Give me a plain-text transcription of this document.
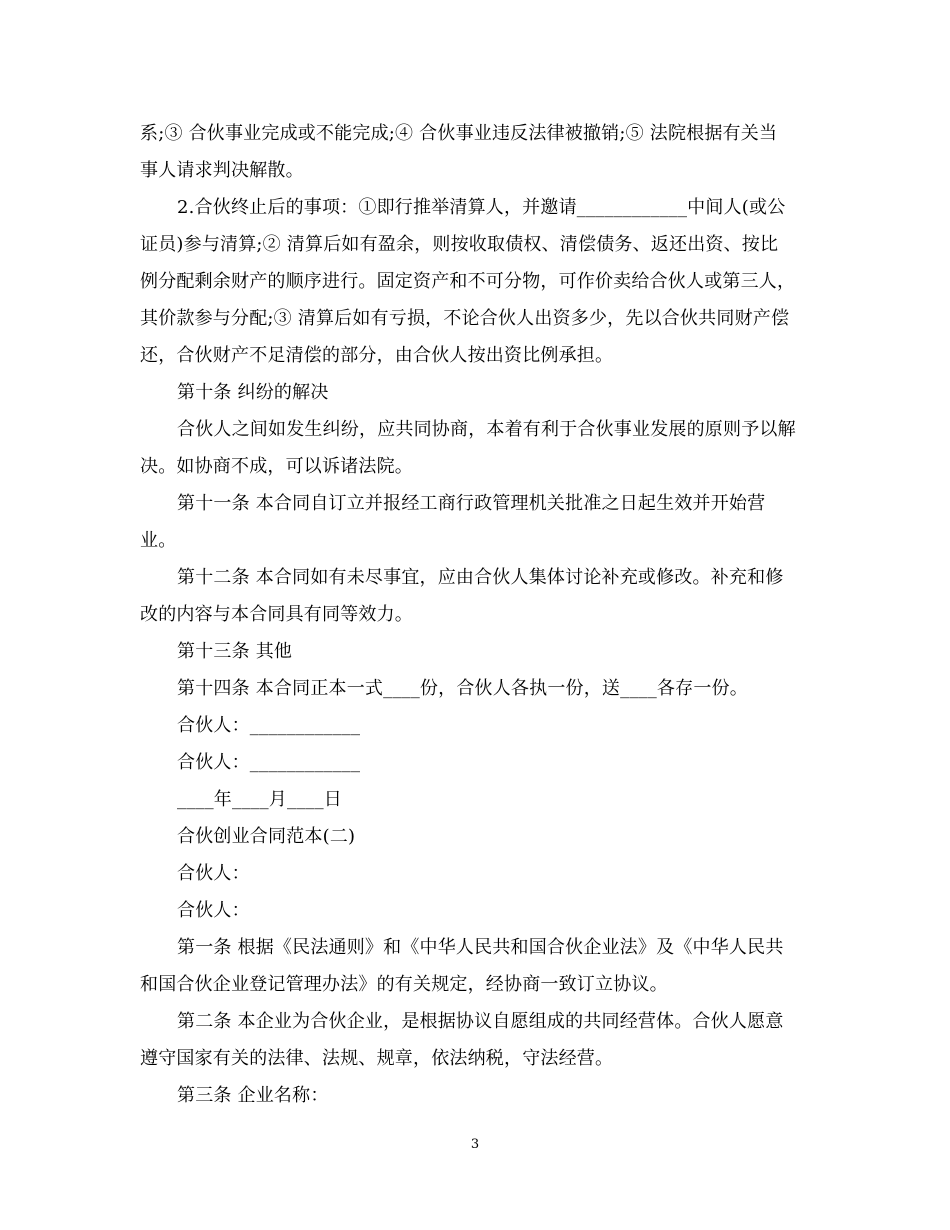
系;③ 合伙事业完成或不能完成;④ 合伙事业违反法律被撤销;⑤ 法院根据有关当
事人请求判决解散。
2.合伙终止后的事项：①即行推举清算人，并邀请____________中间人(或公
证员)参与清算;② 清算后如有盈余，则按收取债权、清偿债务、返还出资、按比
例分配剩余财产的顺序进行。固定资产和不可分物，可作价卖给合伙人或第三人，
其价款参与分配;③ 清算后如有亏损，不论合伙人出资多少，先以合伙共同财产偿
还，合伙财产不足清偿的部分，由合伙人按出资比例承担。
第十条 纠纷的解决
合伙人之间如发生纠纷，应共同协商，本着有利于合伙事业发展的原则予以解
决。如协商不成，可以诉诸法院。
第十一条 本合同自订立并报经工商行政管理机关批准之日起生效并开始营
业。
第十二条 本合同如有未尽事宜，应由合伙人集体讨论补充或修改。补充和修
改的内容与本合同具有同等效力。
第十三条 其他
第十四条 本合同正本一式____份，合伙人各执一份，送____各存一份。
合伙人：____________
合伙人：____________
____年____月____日
合伙创业合同范本(二)
合伙人：
合伙人：
第一条 根据《民法通则》和《中华人民共和国合伙企业法》及《中华人民共
和国合伙企业登记管理办法》的有关规定，经协商一致订立协议。
第二条 本企业为合伙企业，是根据协议自愿组成的共同经营体。合伙人愿意
遵守国家有关的法律、法规、规章，依法纳税，守法经营。
第三条 企业名称：
3
